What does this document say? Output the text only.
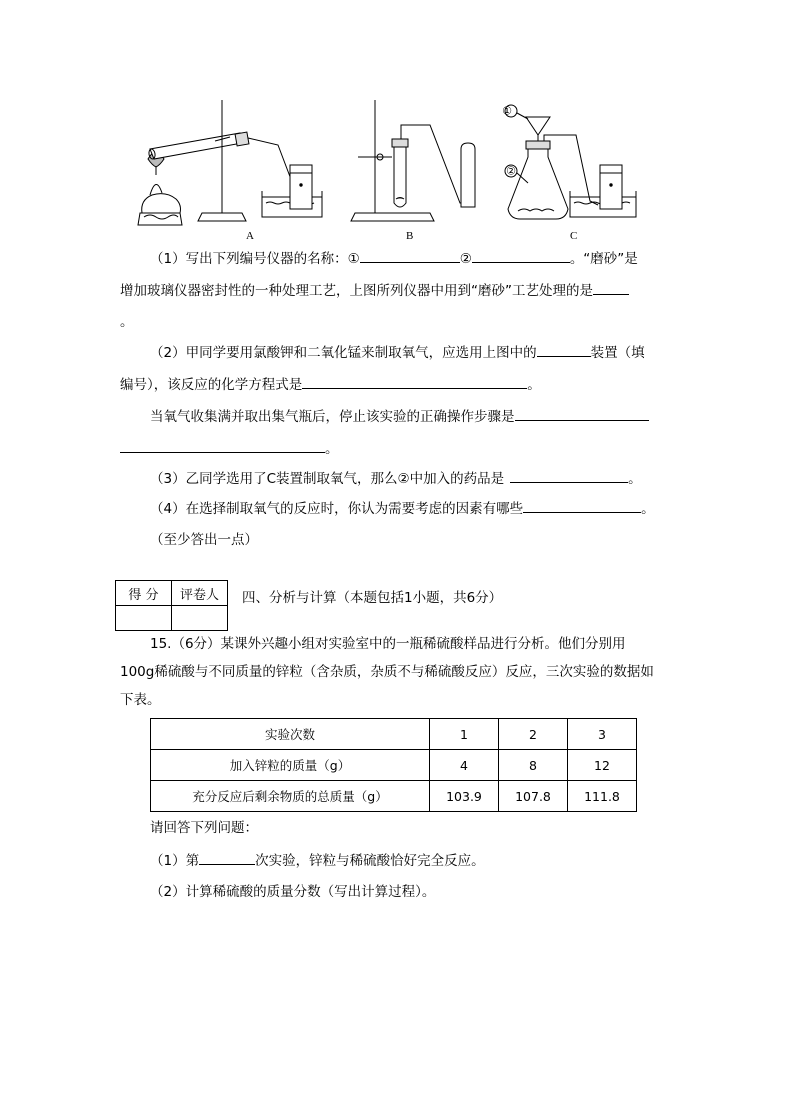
A	B
①
②
C
（1）写出下列编号仪器的名称：①	②	。“磨砂”是
增加玻璃仪器密封性的一种处理工艺，上图所列仪器中用到“磨砂”工艺处理的是
。
（2）甲同学要用氯酸钾和二氧化锰来制取氧气，应选用上图中的	装置（填
编号），该反应的化学方程式是	。
当氧气收集满并取出集气瓶后，停止该实验的正确操作步骤是
。
（3）乙同学选用了C装置制取氧气，那么②中加入的药品是	。
（4）在选择制取氧气的反应时，你认为需要考虑的因素有哪些	。
（至少答出一点）
得 分	评卷人
	四、分析与计算（本题包括1小题，共6分）
15.（6分）某课外兴趣小组对实验室中的一瓶稀硫酸样品进行分析。他们分别用
100g稀硫酸与不同质量的锌粒（含杂质，杂质不与稀硫酸反应）反应，三次实验的数据如
下表。
实验次数	1	2	3
加入锌粒的质量（g）	4	8	12
充分反应后剩余物质的总质量（g）	103.9	107.8	111.8
请回答下列问题：
（1）第	次实验，锌粒与稀硫酸恰好完全反应。
（2）计算稀硫酸的质量分数（写出计算过程）。
